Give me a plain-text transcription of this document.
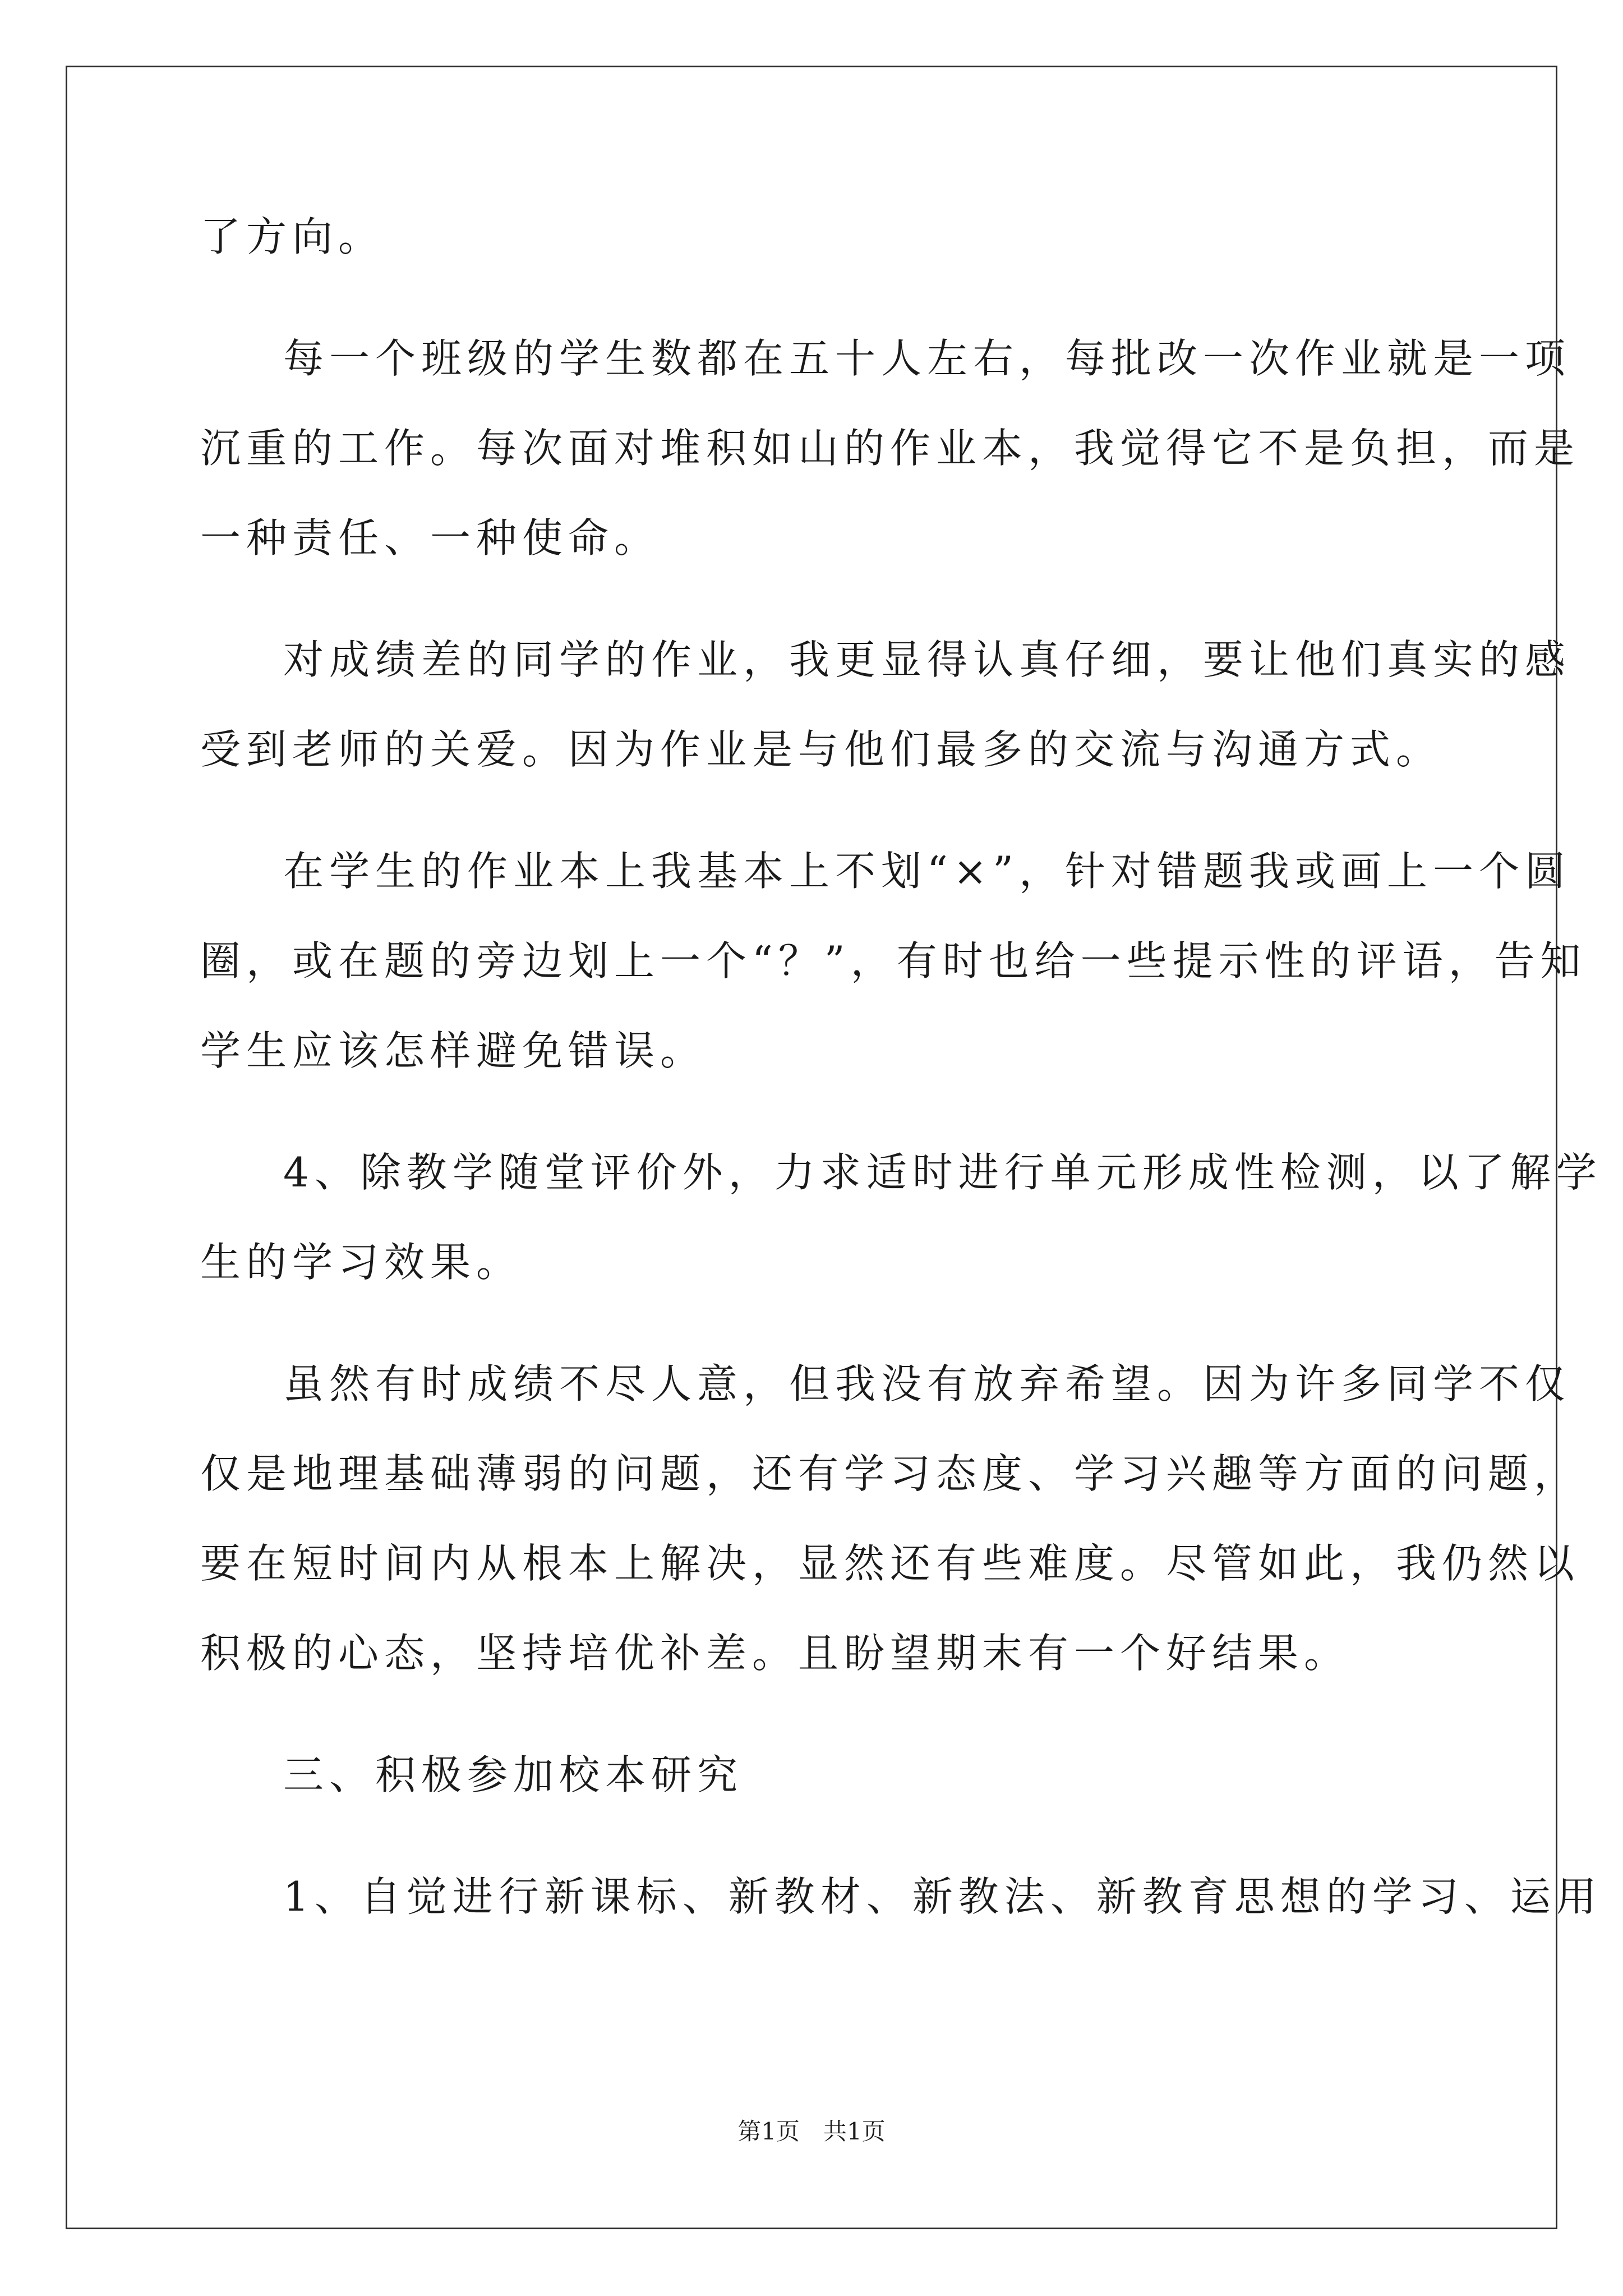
了方向。
每一个班级的学生数都在五十人左右，每批改一次作业就是一项
沉重的工作。每次面对堆积如山的作业本，我觉得它不是负担，而是
一种责任、一种使命。
对成绩差的同学的作业，我更显得认真仔细，要让他们真实的感
受到老师的关爱。因为作业是与他们最多的交流与沟通方式。
在学生的作业本上我基本上不划“×”，针对错题我或画上一个圆
圈，或在题的旁边划上一个“？”，有时也给一些提示性的评语，告知
学生应该怎样避免错误。
4、除教学随堂评价外，力求适时进行单元形成性检测，以了解学
生的学习效果。
虽然有时成绩不尽人意，但我没有放弃希望。因为许多同学不仅
仅是地理基础薄弱的问题，还有学习态度、学习兴趣等方面的问题，
要在短时间内从根本上解决，显然还有些难度。尽管如此，我仍然以
积极的心态，坚持培优补差。且盼望期末有一个好结果。
三、积极参加校本研究
1、自觉进行新课标、新教材、新教法、新教育思想的学习、运用
第1页　共1页
